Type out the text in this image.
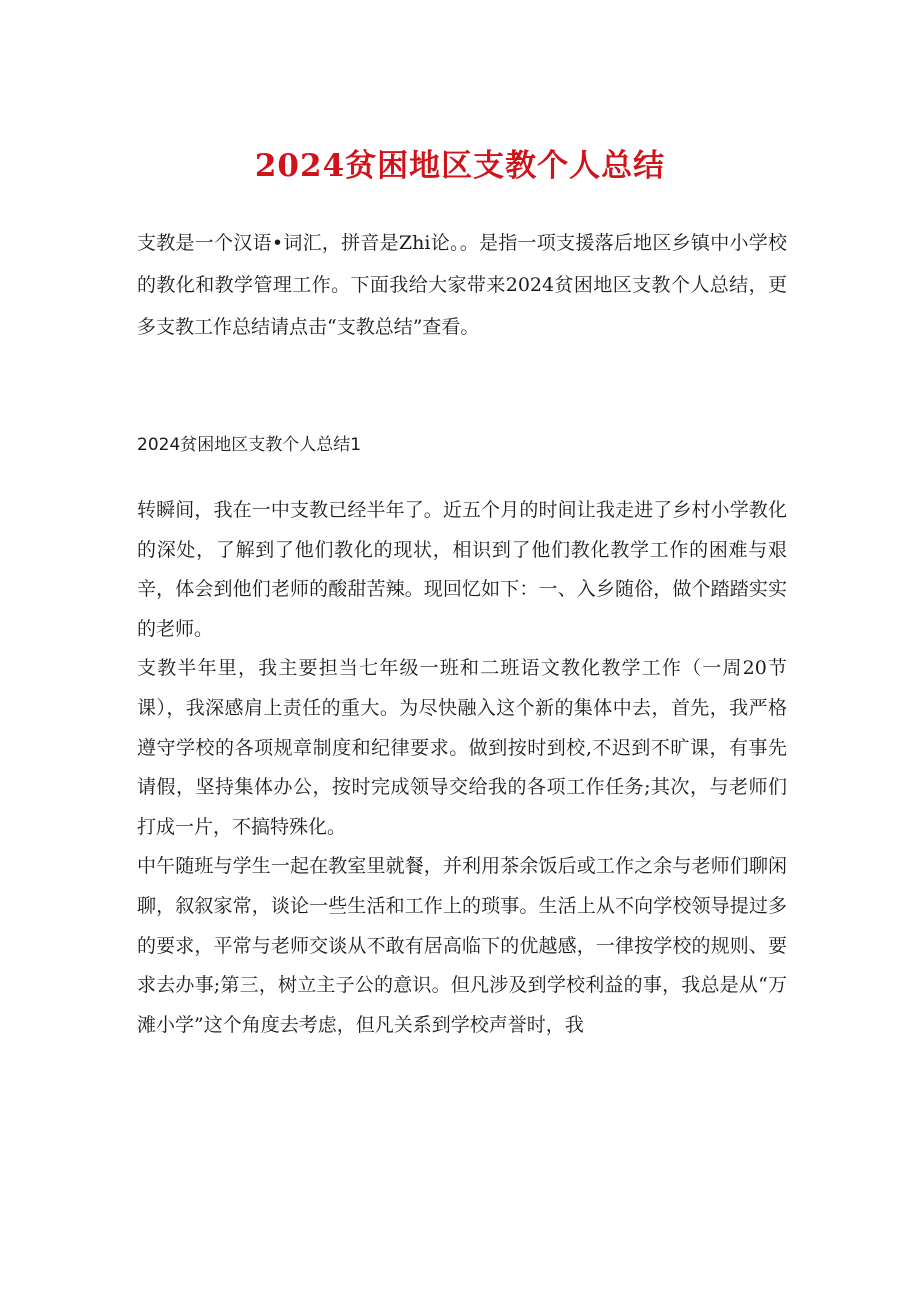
2024贫困地区支教个人总结

支教是一个汉语•词汇，拼音是Zhi论。。是指一项支援落后地区乡镇中小学校的教化和教学管理工作。下面我给大家带来2024贫困地区支教个人总结，更多支教工作总结请点击“支教总结”查看。

2024贫困地区支教个人总结1

转瞬间，我在一中支教已经半年了。近五个月的时间让我走进了乡村小学教化的深处，了解到了他们教化的现状，相识到了他们教化教学工作的困难与艰辛，体会到他们老师的酸甜苦辣。现回忆如下：一、入乡随俗，做个踏踏实实的老师。

支教半年里，我主要担当七年级一班和二班语文教化教学工作（一周20节课），我深感肩上责任的重大。为尽快融入这个新的集体中去，首先，我严格遵守学校的各项规章制度和纪律要求。做到按时到校,不迟到不旷课，有事先请假，坚持集体办公，按时完成领导交给我的各项工作任务;其次，与老师们打成一片，不搞特殊化。

中午随班与学生一起在教室里就餐，并利用茶余饭后或工作之余与老师们聊闲聊，叙叙家常，谈论一些生活和工作上的琐事。生活上从不向学校领导提过多的要求，平常与老师交谈从不敢有居高临下的优越感，一律按学校的规则、要求去办事;第三，树立主子公的意识。但凡涉及到学校利益的事，我总是从“万滩小学”这个角度去考虑，但凡关系到学校声誉时，我
